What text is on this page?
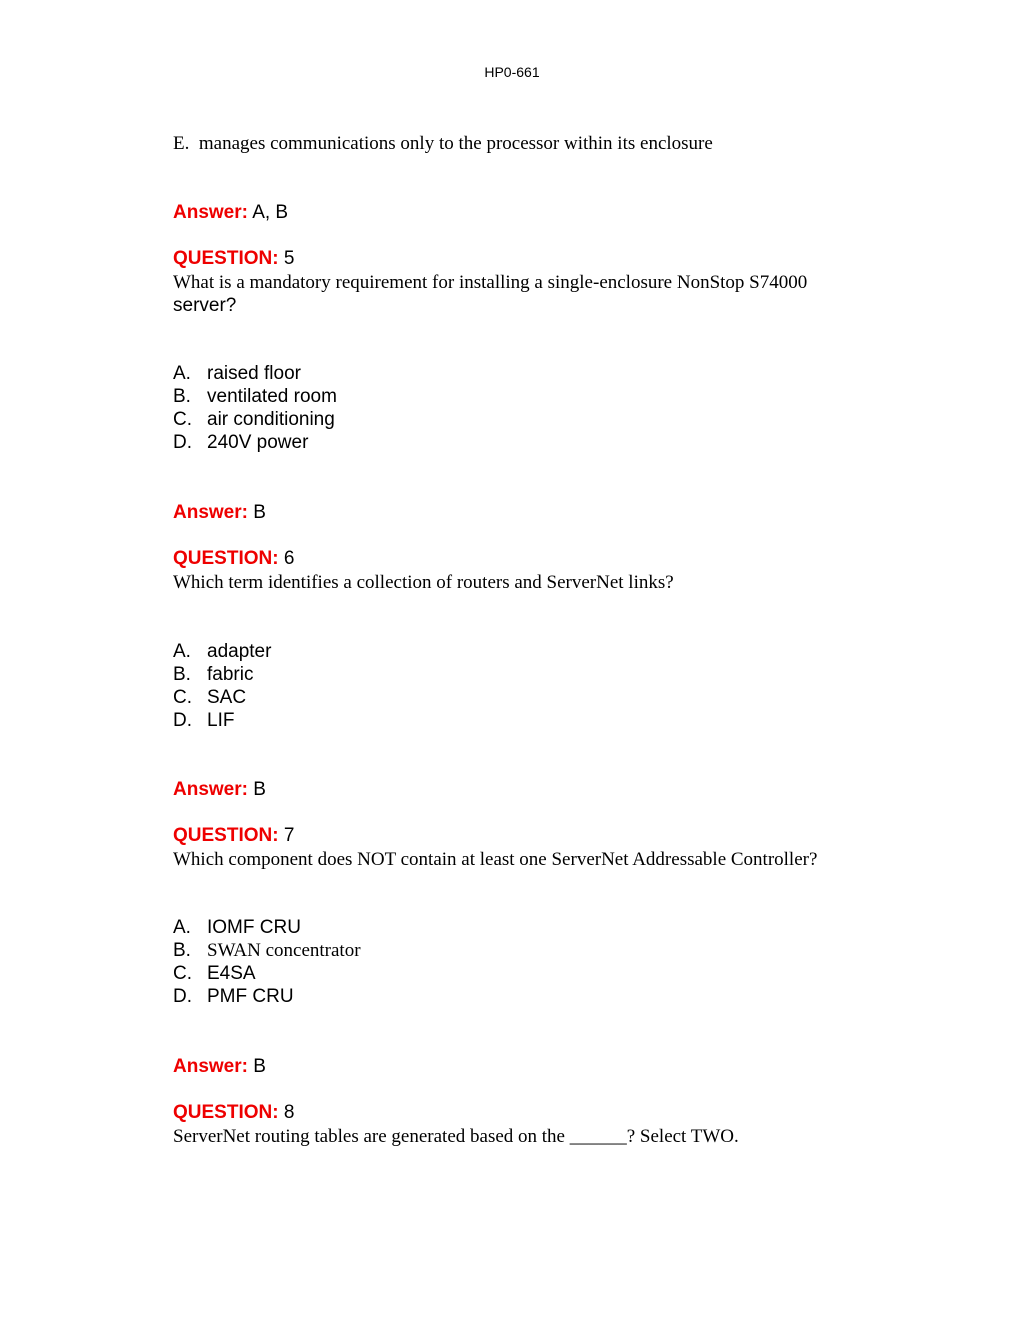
HP0-661
E. manages communications only to the processor within its enclosure
Answer: A, B
QUESTION: 5
What is a mandatory requirement for installing a single-enclosure NonStop S74000
server?
A. raised floor
B. ventilated room
C. air conditioning
D. 240V power
Answer: B
QUESTION: 6
Which term identifies a collection of routers and ServerNet links?
A. adapter
B. fabric
C. SAC
D. LIF
Answer: B
QUESTION: 7
Which component does NOT contain at least one ServerNet Addressable Controller?
A. IOMF CRU
B. SWAN concentrator
C. E4SA
D. PMF CRU
Answer: B
QUESTION: 8
ServerNet routing tables are generated based on the ______? Select TWO.
